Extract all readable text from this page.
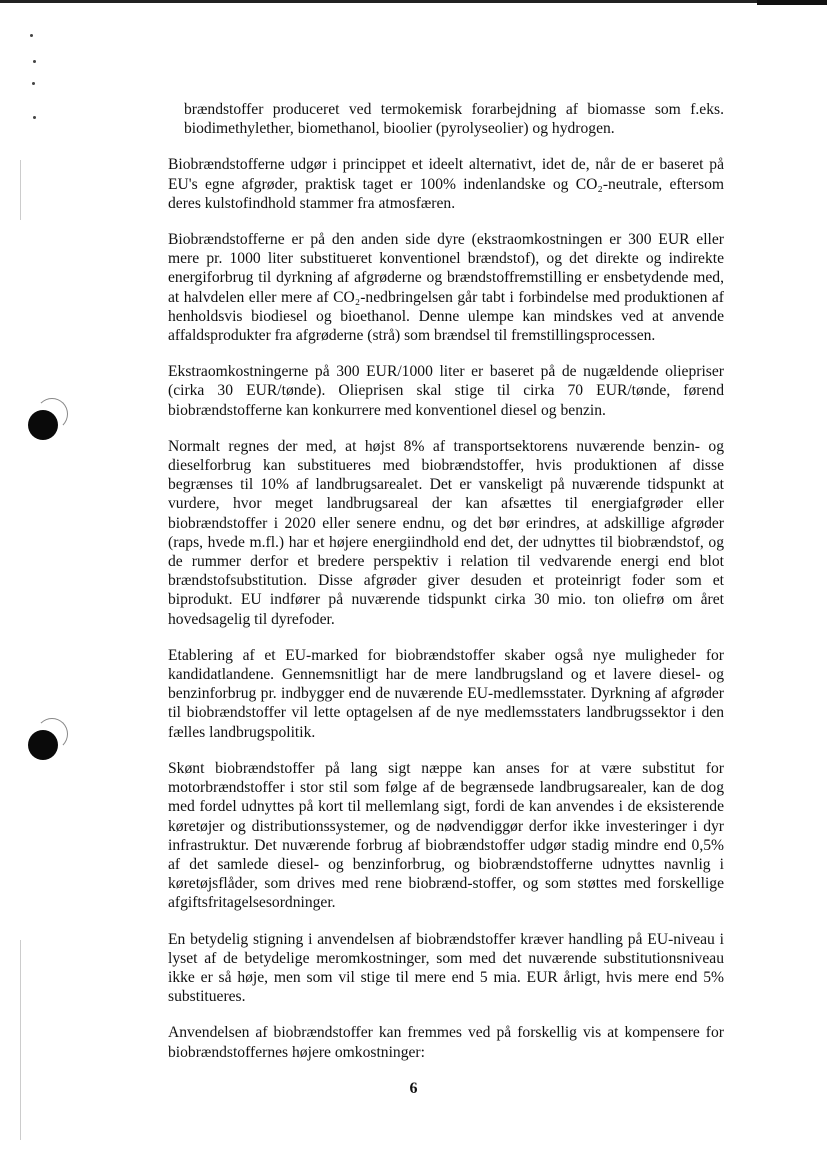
brændstoffer produceret ved termokemisk forarbejdning af biomasse som f.eks. biodimethylether, biomethanol, bioolier (pyrolyseolier) og hydrogen.

Biobrændstofferne udgør i princippet et ideelt alternativt, idet de, når de er baseret på EU's egne afgrøder, praktisk taget er 100% indenlandske og CO₂-neutrale, eftersom deres kulstofindhold stammer fra atmosfæren.

Biobrændstofferne er på den anden side dyre (ekstraomkostningen er 300 EUR eller mere pr. 1000 liter substitueret konventionel brændstof), og det direkte og indirekte energiforbrug til dyrkning af afgrøderne og brændstoffremstilling er ensbetydende med, at halvdelen eller mere af CO₂-nedbringelsen går tabt i forbindelse med produktionen af henholdsvis biodiesel og bioethanol. Denne ulempe kan mindskes ved at anvende affaldsprodukter fra afgrøderne (strå) som brændsel til fremstillingsprocessen.

Ekstraomkostningerne på 300 EUR/1000 liter er baseret på de nugældende oliepriser (cirka 30 EUR/tønde). Olieprisen skal stige til cirka 70 EUR/tønde, førend biobrændstofferne kan konkurrere med konventionel diesel og benzin.

Normalt regnes der med, at højst 8% af transportsektorens nuværende benzin- og dieselforbrug kan substitueres med biobrændstoffer, hvis produktionen af disse begrænses til 10% af landbrugsarealet. Det er vanskeligt på nuværende tidspunkt at vurdere, hvor meget landbrugsareal der kan afsættes til energiafgrøder eller biobrændstoffer i 2020 eller senere endnu, og det bør erindres, at adskillige afgrøder (raps, hvede m.fl.) har et højere energiindhold end det, der udnyttes til biobrændstof, og de rummer derfor et bredere perspektiv i relation til vedvarende energi end blot brændstofsubstitution. Disse afgrøder giver desuden et proteinrigt foder som et biprodukt. EU indfører på nuværende tidspunkt cirka 30 mio. ton oliefrø om året hovedsagelig til dyrefoder.

Etablering af et EU-marked for biobrændstoffer skaber også nye muligheder for kandidatlandene. Gennemsnitligt har de mere landbrugsland og et lavere diesel- og benzinforbrug pr. indbygger end de nuværende EU-medlemsstater. Dyrkning af afgrøder til biobrændstoffer vil lette optagelsen af de nye medlemsstaters landbrugssektor i den fælles landbrugspolitik.

Skønt biobrændstoffer på lang sigt næppe kan anses for at være substitut for motorbrændstoffer i stor stil som følge af de begrænsede landbrugsarealer, kan de dog med fordel udnyttes på kort til mellemlang sigt, fordi de kan anvendes i de eksisterende køretøjer og distributionssystemer, og de nødvendiggør derfor ikke investeringer i dyr infrastruktur. Det nuværende forbrug af biobrændstoffer udgør stadig mindre end 0,5% af det samlede diesel- og benzinforbrug, og biobrændstofferne udnyttes navnlig i køretøjsflåder, som drives med rene biobrænd-stoffer, og som støttes med forskellige afgiftsfritagelsesordninger.

En betydelig stigning i anvendelsen af biobrændstoffer kræver handling på EU-niveau i lyset af de betydelige meromkostninger, som med det nuværende substitutionsniveau ikke er så høje, men som vil stige til mere end 5 mia. EUR årligt, hvis mere end 5% substitueres.

Anvendelsen af biobrændstoffer kan fremmes ved på forskellig vis at kompensere for biobrændstoffernes højere omkostninger:

6
